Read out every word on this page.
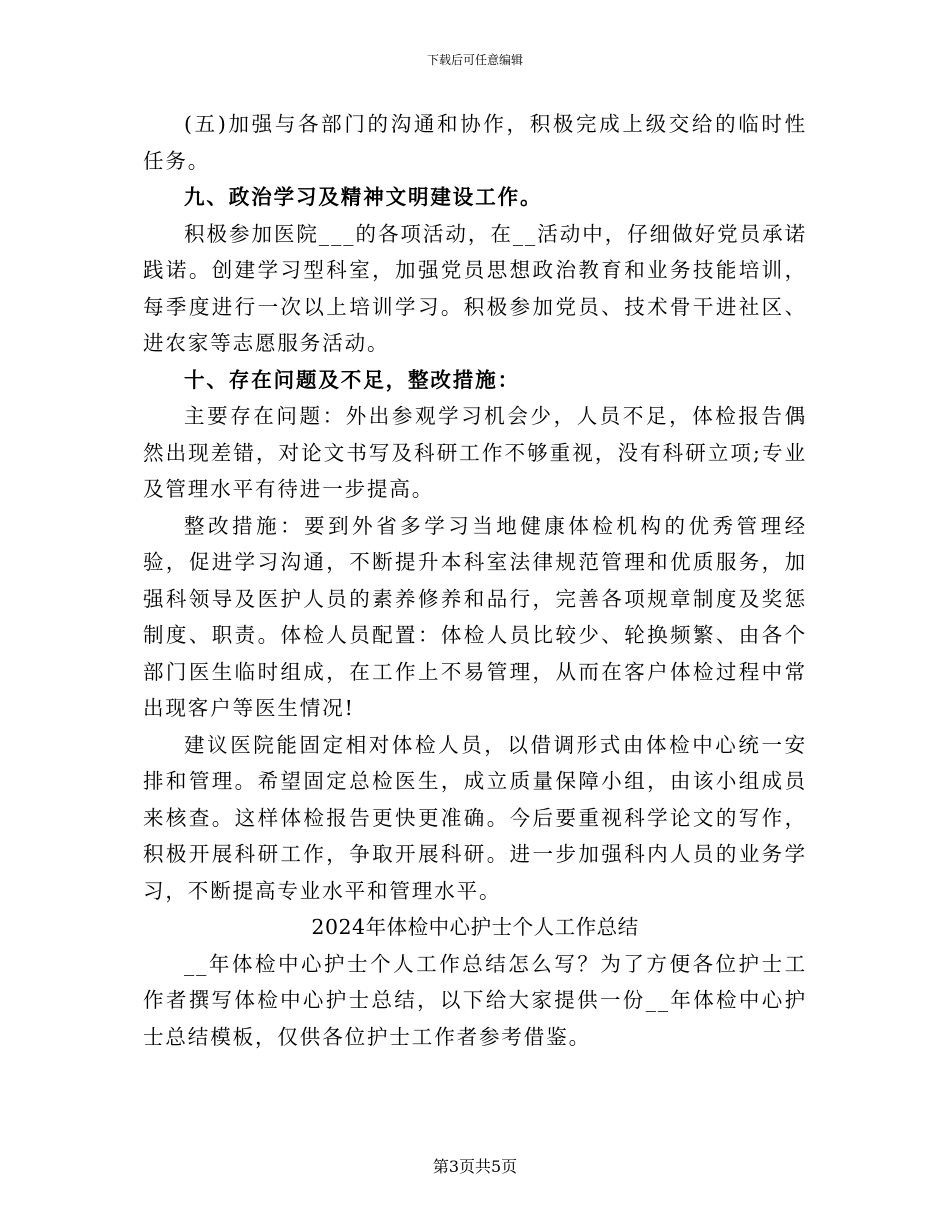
下载后可任意编辑

(五)加强与各部门的沟通和协作，积极完成上级交给的临时性任务。

九、政治学习及精神文明建设工作。

积极参加医院___的各项活动，在__活动中，仔细做好党员承诺践诺。创建学习型科室，加强党员思想政治教育和业务技能培训，每季度进行一次以上培训学习。积极参加党员、技术骨干进社区、进农家等志愿服务活动。

十、存在问题及不足，整改措施：

主要存在问题：外出参观学习机会少，人员不足，体检报告偶然出现差错，对论文书写及科研工作不够重视，没有科研立项;专业及管理水平有待进一步提高。

整改措施：要到外省多学习当地健康体检机构的优秀管理经验，促进学习沟通，不断提升本科室法律规范管理和优质服务，加强科领导及医护人员的素养修养和品行，完善各项规章制度及奖惩制度、职责。体检人员配置：体检人员比较少、轮换频繁、由各个部门医生临时组成，在工作上不易管理，从而在客户体检过程中常出现客户等医生情况!

建议医院能固定相对体检人员，以借调形式由体检中心统一安排和管理。希望固定总检医生，成立质量保障小组，由该小组成员来核查。这样体检报告更快更准确。今后要重视科学论文的写作，积极开展科研工作，争取开展科研。进一步加强科内人员的业务学习，不断提高专业水平和管理水平。

2024年体检中心护士个人工作总结

__年体检中心护士个人工作总结怎么写？为了方便各位护士工作者撰写体检中心护士总结，以下给大家提供一份__年体检中心护士总结模板，仅供各位护士工作者参考借鉴。

第3页共5页
